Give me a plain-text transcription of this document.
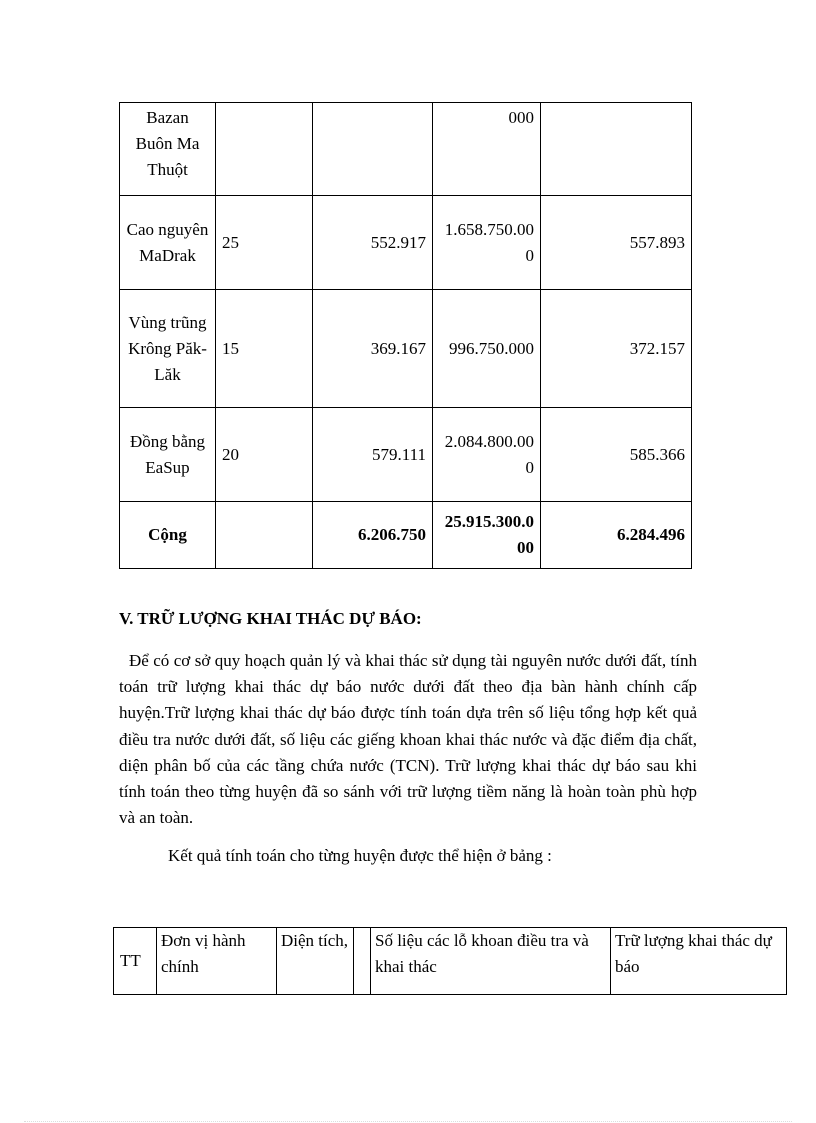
Bazan Buôn Ma Thuột			000	
Cao nguyên MaDrak	25	552.917	1.658.750.000	557.893
Vùng trũng Krông Păk-Lăk	15	369.167	996.750.000	372.157
Đồng bằng EaSup	20	579.111	2.084.800.000	585.366
Cộng		6.206.750	25.915.300.000	6.284.496
V. TRỮ LƯỢNG KHAI THÁC DỰ BÁO:

Để có cơ sở quy hoạch quản lý và khai thác sử dụng tài nguyên nước dưới đất, tính toán trữ lượng khai thác dự báo nước dưới đất theo địa bàn hành chính cấp huyện.Trữ lượng khai thác dự báo được tính toán dựa trên số liệu tổng hợp kết quả điều tra nước dưới đất, số liệu các giếng khoan khai thác nước và đặc điểm địa chất, diện phân bố của các tầng chứa nước (TCN). Trữ lượng khai thác dự báo sau khi tính toán theo từng huyện đã so sánh với trữ lượng tiềm năng là hoàn toàn phù hợp và an toàn.

Kết quả tính toán cho từng huyện được thể hiện ở bảng :

TT	Đơn vị hành chính	Diện tích,		Số liệu các lỗ khoan điều tra và khai thác	Trữ lượng khai thác dự báo
